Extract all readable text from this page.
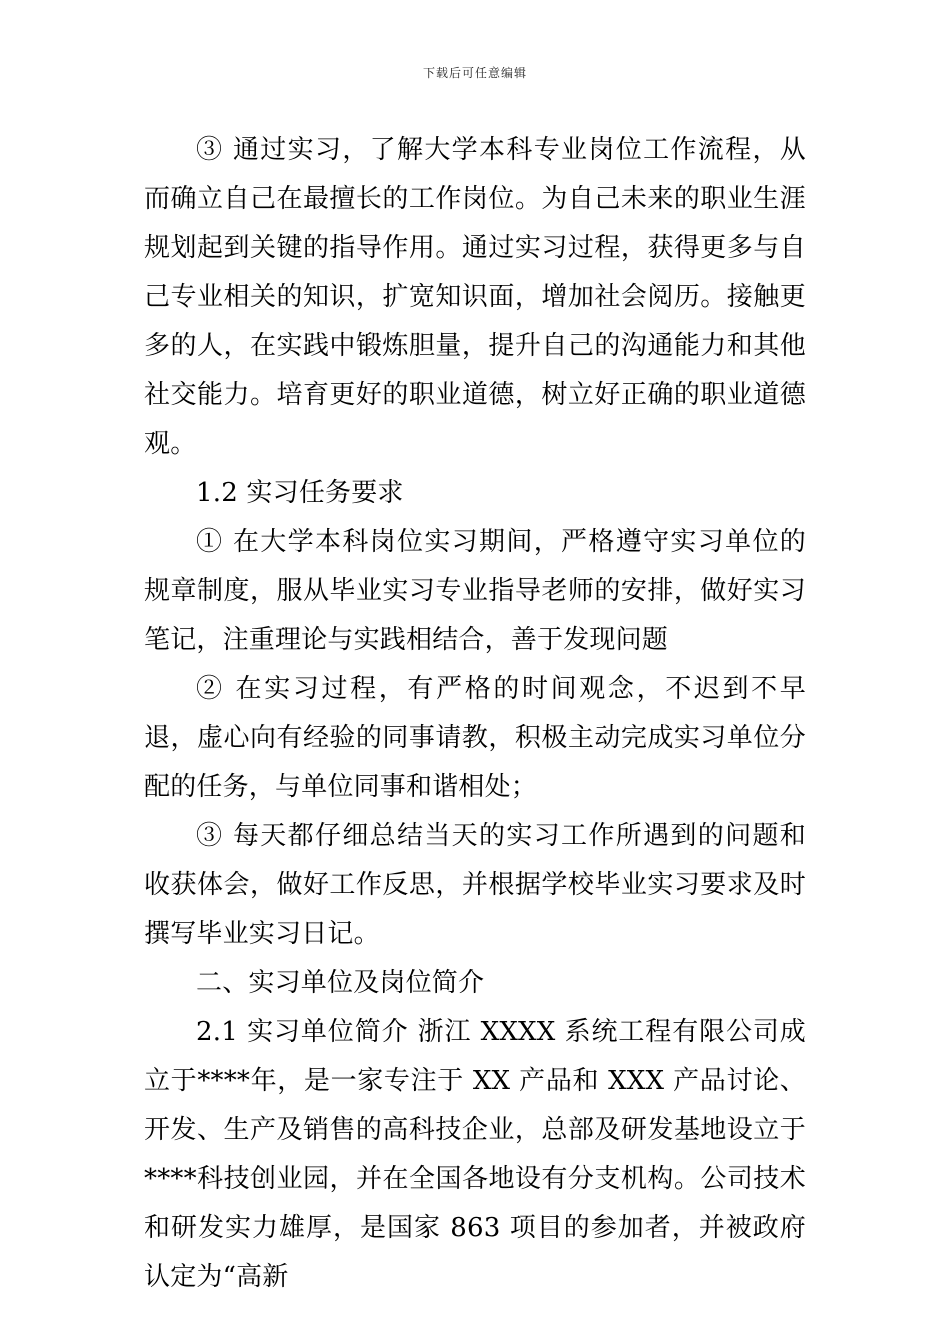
下载后可任意编辑

③ 通过实习，了解大学本科专业岗位工作流程，从而确立自己在最擅长的工作岗位。为自己未来的职业生涯规划起到关键的指导作用。通过实习过程，获得更多与自己专业相关的知识，扩宽知识面，增加社会阅历。接触更多的人，在实践中锻炼胆量，提升自己的沟通能力和其他社交能力。培育更好的职业道德，树立好正确的职业道德观。

1.2 实习任务要求

① 在大学本科岗位实习期间，严格遵守实习单位的规章制度，服从毕业实习专业指导老师的安排，做好实习笔记，注重理论与实践相结合，善于发现问题

② 在实习过程，有严格的时间观念，不迟到不早退，虚心向有经验的同事请教，积极主动完成实习单位分配的任务，与单位同事和谐相处；

③ 每天都仔细总结当天的实习工作所遇到的问题和收获体会，做好工作反思，并根据学校毕业实习要求及时撰写毕业实习日记。

二、实习单位及岗位简介

2.1 实习单位简介 浙江 XXXX 系统工程有限公司成立于****年，是一家专注于 XX 产品和 XXX 产品讨论、开发、生产及销售的高科技企业，总部及研发基地设立于****科技创业园，并在全国各地设有分支机构。公司技术和研发实力雄厚，是国家 863 项目的参加者，并被政府认定为“高新
